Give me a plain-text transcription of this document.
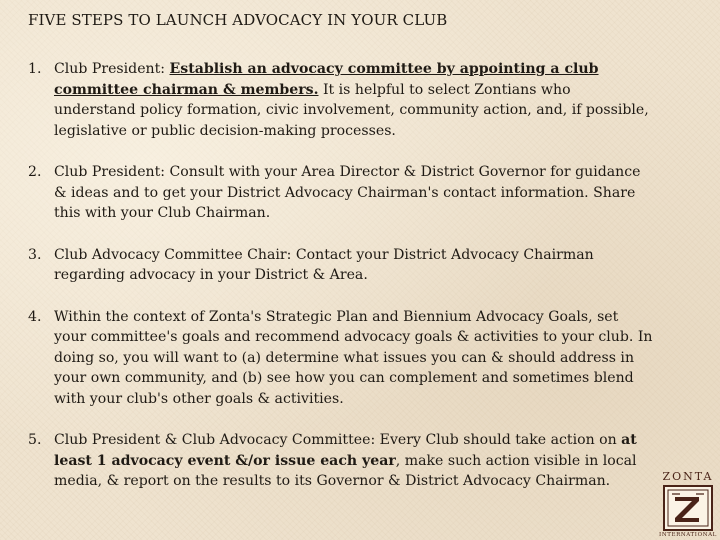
FIVE STEPS TO LAUNCH ADVOCACY IN YOUR CLUB
1. Club President: Establish an advocacy committee by appointing a club committee chairman & members. It is helpful to select Zontians who understand policy formation, civic involvement, community action, and, if possible, legislative or public decision-making processes.
2. Club President: Consult with your Area Director & District Governor for guidance & ideas and to get your District Advocacy Chairman's contact information. Share this with your Club Chairman.
3. Club Advocacy Committee Chair: Contact your District Advocacy Chairman regarding advocacy in your District & Area.
4. Within the context of Zonta's Strategic Plan and Biennium Advocacy Goals, set your committee's goals and recommend advocacy goals & activities to your club. In doing so, you will want to (a) determine what issues you can & should address in your own community, and (b) see how you can complement and sometimes blend with your club's other goals & activities.
5. Club President & Club Advocacy Committee: Every Club should take action on at least 1 advocacy event &/or issue each year, make such action visible in local media, & report on the results to its Governor & District Advocacy Chairman.	ZONTA

INTERNATIONAL
